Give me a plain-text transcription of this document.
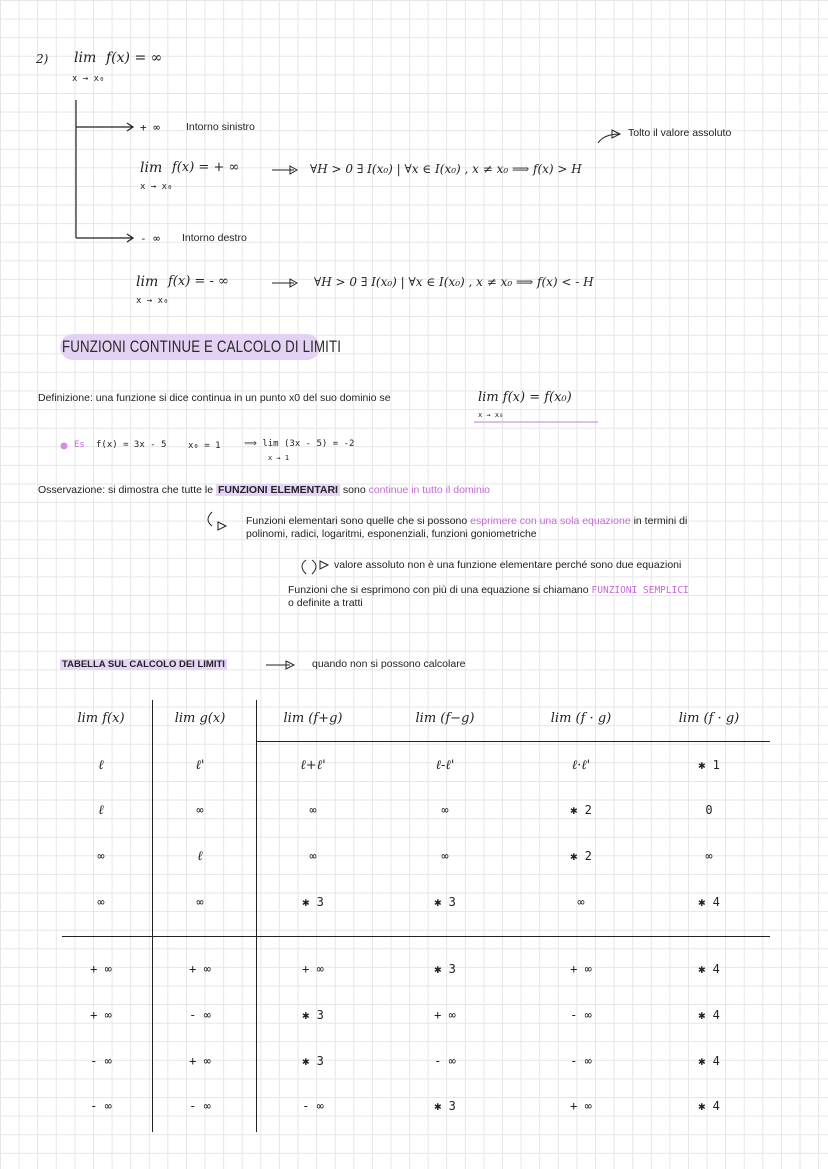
2) lim f(x) = ∞
x → x₀
+ ∞ Intorno sinistro	Tolto il valore assoluto
lim f(x) = + ∞
x → x₀
∀H > 0 ∃ I(x₀) | ∀x ∈ I(x₀) , x ≠ x₀ ⟹ f(x) > H
- ∞ Intorno destro
lim f(x) = - ∞
x → x₀
∀H > 0 ∃ I(x₀) | ∀x ∈ I(x₀) , x ≠ x₀ ⟹ f(x) < - H
FUNZIONI CONTINUE E CALCOLO DI LIMITI
Definizione: una funzione si dice continua in un punto x0 del suo dominio se	lim f(x) = f(x₀)
x → x₀
Es f(x) = 3x - 5 x₀ = 1	⟹ lim (3x - 5) = -2
x → 1
Osservazione: si dimostra che tutte le FUNZIONI ELEMENTARI sono continue in tutto il dominio
Funzioni elementari sono quelle che si possono esprimere con una sola equazione in termini di
polinomi, radici, logaritmi, esponenziali, funzioni goniometriche
valore assoluto non è una funzione elementare perché sono due equazioni
Funzioni che si esprimono con più di una equazione si chiamano FUNZIONI SEMPLICI
o definite a tratti
TABELLA SUL CALCOLO DEI LIMITI	quando non si possono calcolare
lim f(x)	lim g(x)	lim (f+g)	lim (f−g)	lim (f · g)	lim (f · g)
ℓ	ℓ'	ℓ+ℓ'	ℓ-ℓ'	ℓ·ℓ'	✱ 1
ℓ	∞	∞	∞	✱ 2	0
∞	ℓ	∞	∞	✱ 2	∞
∞	∞	✱ 3	✱ 3	∞	✱ 4
+ ∞	+ ∞	+ ∞	✱ 3	+ ∞	✱ 4
+ ∞	- ∞	✱ 3	+ ∞	- ∞	✱ 4
- ∞	+ ∞	✱ 3	- ∞	- ∞	✱ 4
- ∞	- ∞	- ∞	✱ 3	+ ∞	✱ 4
